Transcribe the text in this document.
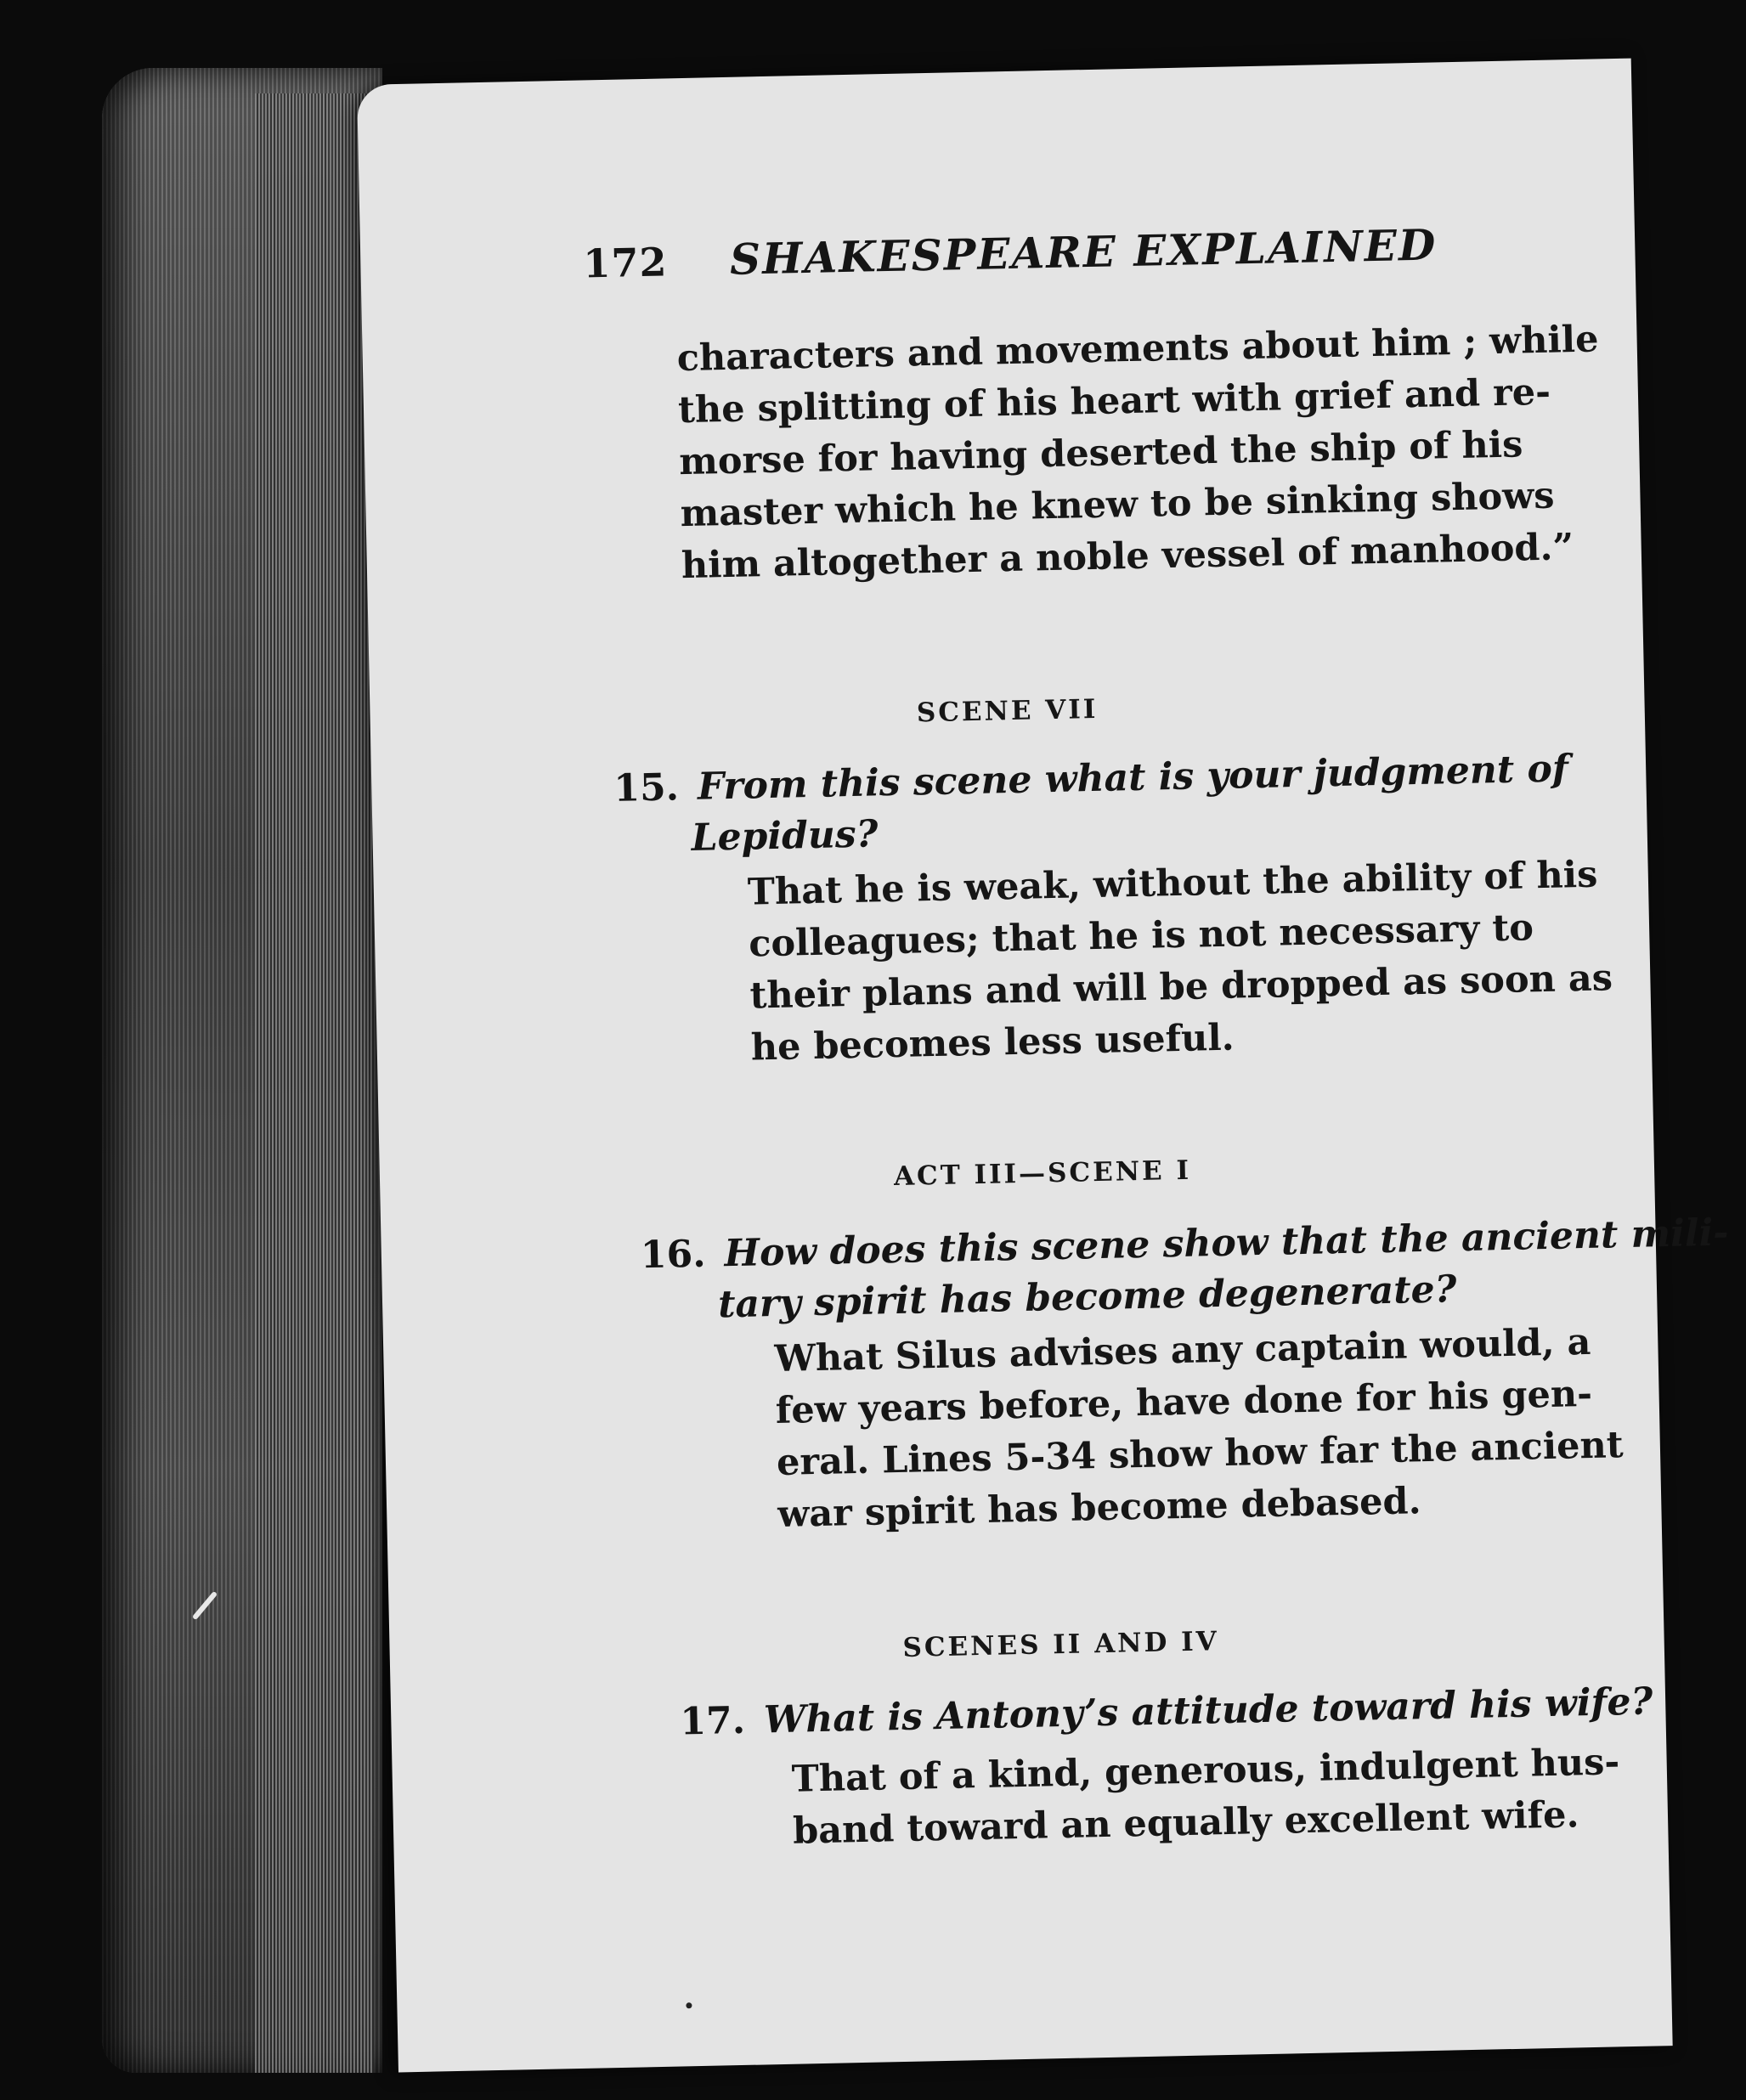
172 SHAKESPEARE EXPLAINED
characters and movements about him ; while
the splitting of his heart with grief and re-
morse for having deserted the ship of his
master which he knew to be sinking shows
him altogether a noble vessel of manhood.”
SCENE VII
15. From this scene what is your judgment of
Lepidus?
That he is weak, without the ability of his
colleagues; that he is not necessary to
their plans and will be dropped as soon as
he becomes less useful.
ACT III—SCENE I
16. How does this scene show that the ancient mili-
tary spirit has become degenerate?
What Silus advises any captain would, a
few years before, have done for his gen-
eral. Lines 5-34 show how far the ancient
war spirit has become debased.
SCENES II AND IV
17. What is Antony’s attitude toward his wife?
That of a kind, generous, indulgent hus-
band toward an equally excellent wife.
